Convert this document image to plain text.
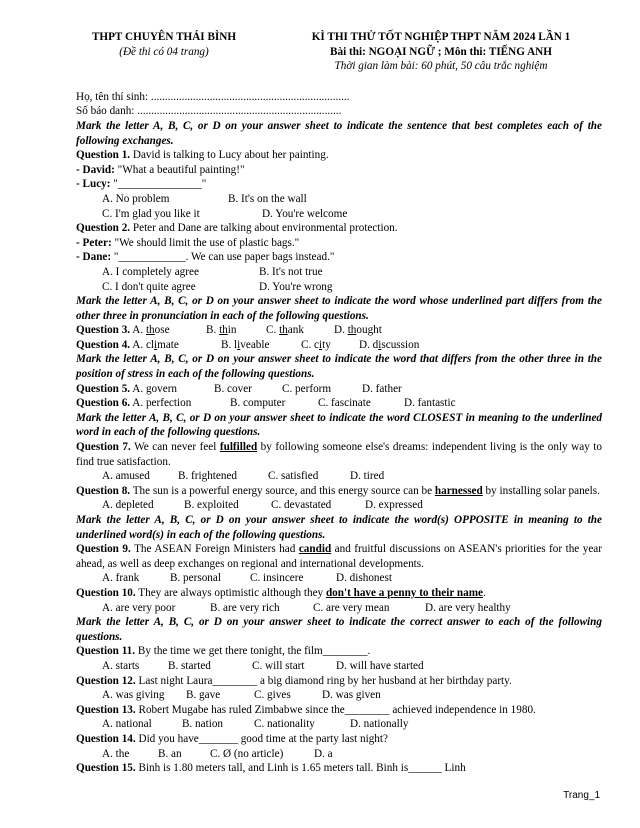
THPT CHUYÊN THÁI BÌNH
(Đề thi có 04 trang)
KÌ THI THỬ TỐT NGHIỆP THPT NĂM 2024 LẦN 1
Bài thi: NGOẠI NGỮ ; Môn thi: TIẾNG ANH
Thời gian làm bài: 60 phút, 50 câu trắc nghiệm
Họ, tên thí sinh: .......................................................................
Số báo danh: .........................................................................
Mark the letter A, B, C, or D on your answer sheet to indicate the sentence that best completes each of the following exchanges.
Question 1. David is talking to Lucy about her painting.
- David: "What a beautiful painting!"
- Lucy: "_______________"
A. No problem	B. It's on the wall
C. I'm glad you like it	D. You're welcome
Question 2. Peter and Dane are talking about environmental protection.
- Peter: "We should limit the use of plastic bags."
- Dane: "____________. We can use paper bags instead."
A. I completely agree	B. It's not true
C. I don't quite agree	D. You're wrong
Mark the letter A, B, C, or D on your answer sheet to indicate the word whose underlined part differs from the other three in pronunciation in each of the following questions.
Question 3. A. those	B. thin	C. thank	D. thought
Question 4. A. climate	B. liveable	C. city	D. discussion
Mark the letter A, B, C, or D on your answer sheet to indicate the word that differs from the other three in the position of stress in each of the following questions.
Question 5. A. govern	B. cover	C. perform	D. father
Question 6. A. perfection	B. computer	C. fascinate	D. fantastic
Mark the letter A, B, C, or D on your answer sheet to indicate the word CLOSEST in meaning to the underlined word in each of the following questions.
Question 7. We can never feel fulfilled by following someone else's dreams: independent living is the only way to find true satisfaction.
A. amused	B. frightened	C. satisfied	D. tired
Question 8. The sun is a powerful energy source, and this energy source can be harnessed by installing solar panels.
A. depleted	B. exploited	C. devastated	D. expressed
Mark the letter A, B, C, or D on your answer sheet to indicate the word(s) OPPOSITE in meaning to the underlined word(s) in each of the following questions.
Question 9. The ASEAN Foreign Ministers had candid and fruitful discussions on ASEAN's priorities for the year ahead, as well as deep exchanges on regional and international developments.
A. frank	B. personal	C. insincere	D. dishonest
Question 10. They are always optimistic although they don't have a penny to their name.
A. are very poor	B. are very rich	C. are very mean	D. are very healthy
Mark the letter A, B, C, or D on your answer sheet to indicate the correct answer to each of the following questions.
Question 11. By the time we get there tonight, the film________.
A. starts	B. started	C. will start	D. will have started
Question 12. Last night Laura________ a big diamond ring by her husband at her birthday party.
A. was giving	B. gave	C. gives	D. was given
Question 13. Robert Mugabe has ruled Zimbabwe since the________ achieved independence in 1980.
A. national	B. nation	C. nationality	D. nationally
Question 14. Did you have_______ good time at the party last night?
A. the	B. an	C. Ø (no article)	D. a
Question 15. Binh is 1.80 meters tall, and Linh is 1.65 meters tall. Binh is______ Linh
Trang_1
